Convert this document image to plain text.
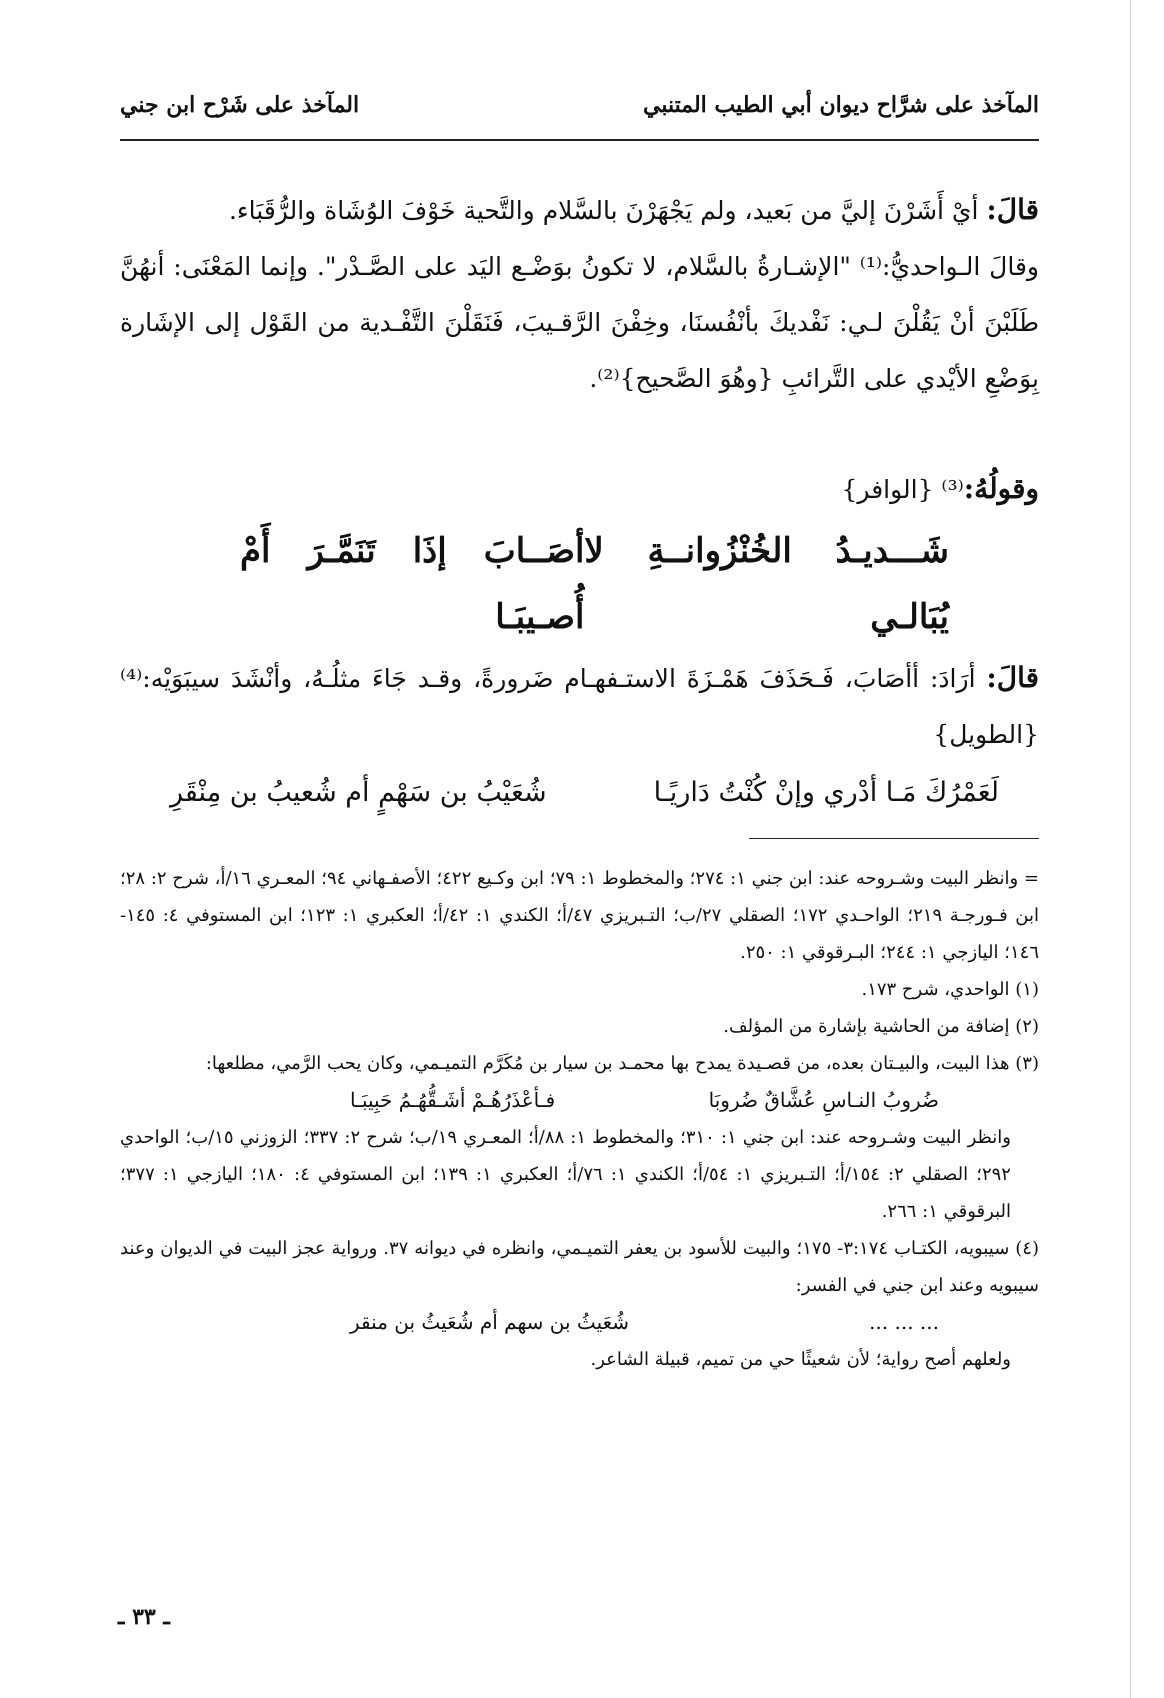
المآخذ على شرَّاح ديوان أبي الطيب المتنبي
المآخذ على شَرْح ابن جني

قالَ: أيْ أَشَرْنَ إليَّ من بَعيد، ولم يَجْهَرْنَ بالسَّلام والتَّحية خَوْفَ الوُشَاة والرُّقَبَاء.

وقالَ الـواحديُّ:⁽¹⁾ "الإشـارةُ بالسَّلام، لا تكونُ بوَضْـع اليَد على الصَّـدْر". وإنما المَعْنَى: أنهُنَّ طَلَبْنَ أنْ يَقُلْنَ لـي: نَفْديكَ بأنْفُسنَا، وخِفْنَ الرَّقـيبَ، فَنَقَلْنَ التَّفْـدية من القَوْل إلى الإشَارة بِوَضْعِ الأيْدي على التَّرائبِ {وهُوَ الصَّحيح}⁽²⁾.

وقولُهُ:⁽³⁾ {الوافر}

شَـــديـدُ الخُنْزُوانــةِ لا يُبَالـي
أصَــابَ إذَا تَنَمَّـرَ أَمْ أُصـيبَـا

قالَ: أرَادَ: أأصَابَ، فَـحَذَفَ هَمْـزَةَ الاستـفهـام ضَرورةً، وقـد جَاءَ مثلُـهُ، وأنْشَدَ سيبَوَيْه:⁽⁴⁾ {الطويل}

لَعَمْرُكَ مَـا أدْري وإنْ كُنْتُ دَاريًـا
شُعَيْبُ بن سَهْمٍ أم شُعيبُ بن مِنْقَرِ

= وانظر البيت وشـروحه عند: ابن جني ١: ٢٧٤؛ والمخطوط ١: ٧٩؛ ابن وكـيع ٤٢٢؛ الأصفـهاني ٩٤؛ المعـري ١٦/أ، شرح ٢: ٢٨؛ ابن فـورجـة ٢١٩؛ الواحـدي ١٧٢؛ الصقلي ٢٧/ب؛ التـبريزي ٤٧/أ؛ الكندي ١: ٤٢/أ؛ العكبري ١: ١٢٣؛ ابن المستوفي ٤: ١٤٥- ١٤٦؛ اليازجي ١: ٢٤٤؛ البـرقوقي ١: ٢٥٠.

(١) الواحدي، شرح ١٧٣.

(٢) إضافة من الحاشية بإشارة من المؤلف.

(٣) هذا البيت، والبيـتان بعده، من قصـيدة يمدح بها محمـد بن سيار بن مُكَرَّم التميـمي، وكان يحب الرَّمي، مطلعها:

ضُروبُ النـاسِ عُشَّاقٌ ضُروبَا
فـأعْذَرُهُـمْ أشَـقُّهُـمُ حَبِيبَـا

وانظر البيت وشـروحه عند: ابن جني ١: ٣١٠؛ والمخطوط ١: ٨٨/أ؛ المعـري ١٩/ب؛ شرح ٢: ٣٣٧؛ الزوزني ١٥/ب؛ الواحدي ٢٩٢؛ الصقلي ٢: ١٥٤/أ؛ التـبريزي ١: ٥٤/أ؛ الكندي ١: ٧٦/أ؛ العكبري ١: ١٣٩؛ ابن المستوفي ٤: ١٨٠؛ اليازجي ١: ٣٧٧؛ البرقوقي ١: ٢٦٦.

(٤) سيبويه، الكتـاب ٣:١٧٤- ١٧٥؛ والبيت للأسود بن يعفر التميـمي، وانظره في ديوانه ٣٧. ورواية عجز البيت في الديوان وعند سيبويه وعند ابن جني في الفسر:

... ... ...
شُعَيثُ بن سهم أم شُعَيثُ بن منقر

ولعلهم أصح رواية؛ لأن شعيثًا حي من تميم، قبيلة الشاعر.

ـ ٣٣ ـ
